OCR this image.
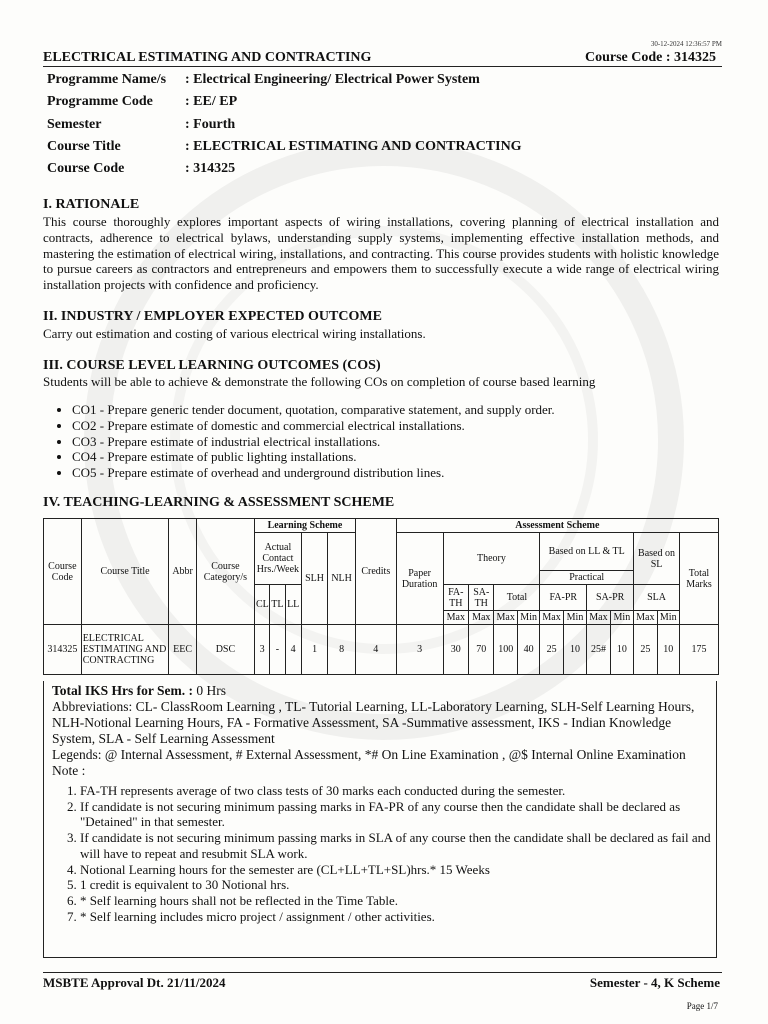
30-12-2024 12:36:57 PM
ELECTRICAL ESTIMATING AND CONTRACTING	Course Code : 314325
Programme Name/s	: Electrical Engineering/ Electrical Power System
Programme Code	: EE/ EP
Semester	: Fourth
Course Title	: ELECTRICAL ESTIMATING AND CONTRACTING
Course Code	: 314325
I. RATIONALE
This course thoroughly explores important aspects of wiring installations, covering planning of electrical installation and contracts, adherence to electrical bylaws, understanding supply systems, implementing effective installation methods, and mastering the estimation of electrical wiring, installations, and contracting. This course provides students with holistic knowledge to pursue careers as contractors and entrepreneurs and empowers them to successfully execute a wide range of electrical wiring installation projects with confidence and proficiency.
II. INDUSTRY / EMPLOYER EXPECTED OUTCOME
Carry out estimation and costing of various electrical wiring installations.
III. COURSE LEVEL LEARNING OUTCOMES (COS)
Students will be able to achieve & demonstrate the following COs on completion of course based learning
• CO1 - Prepare generic tender document, quotation, comparative statement, and supply order.
• CO2 - Prepare estimate of domestic and commercial electrical installations.
• CO3 - Prepare estimate of industrial electrical installations.
• CO4 - Prepare estimate of public lighting installations.
• CO5 - Prepare estimate of overhead and underground distribution lines.
IV. TEACHING-LEARNING & ASSESSMENT SCHEME
Course Code	Course Title	Abbr	Course Category/s	Learning Scheme					Credits	Assessment Scheme											
				Actual Contact Hrs./Week			SLH	NLH		Paper Duration	Theory				Based on LL & TL				Based on SL		Total Marks
															Practical						
				CL	TL	LL					FA-TH	SA-TH	Total		FA-PR		SA-PR		SLA		
											Max	Max	Max	Min	Max	Min	Max	Min	Max	Min	
314325	ELECTRICAL ESTIMATING AND CONTRACTING	EEC	DSC	3	-	4	1	8	4	3	30	70	100	40	25	10	25#	10	25	10	175
Total IKS Hrs for Sem. : 0 Hrs
Abbreviations: CL- ClassRoom Learning , TL- Tutorial Learning, LL-Laboratory Learning, SLH-Self Learning Hours, NLH-Notional Learning Hours, FA - Formative Assessment, SA -Summative assessment, IKS - Indian Knowledge System, SLA - Self Learning Assessment
Legends: @ Internal Assessment, # External Assessment, *# On Line Examination , @$ Internal Online Examination
Note :
1. FA-TH represents average of two class tests of 30 marks each conducted during the semester.
2. If candidate is not securing minimum passing marks in FA-PR of any course then the candidate shall be declared as "Detained" in that semester.
3. If candidate is not securing minimum passing marks in SLA of any course then the candidate shall be declared as fail and will have to repeat and resubmit SLA work.
4. Notional Learning hours for the semester are (CL+LL+TL+SL)hrs.* 15 Weeks
5. 1 credit is equivalent to 30 Notional hrs.
6. * Self learning hours shall not be reflected in the Time Table.
7. * Self learning includes micro project / assignment / other activities.
MSBTE Approval Dt. 21/11/2024	Semester - 4, K Scheme
Page 1/7
